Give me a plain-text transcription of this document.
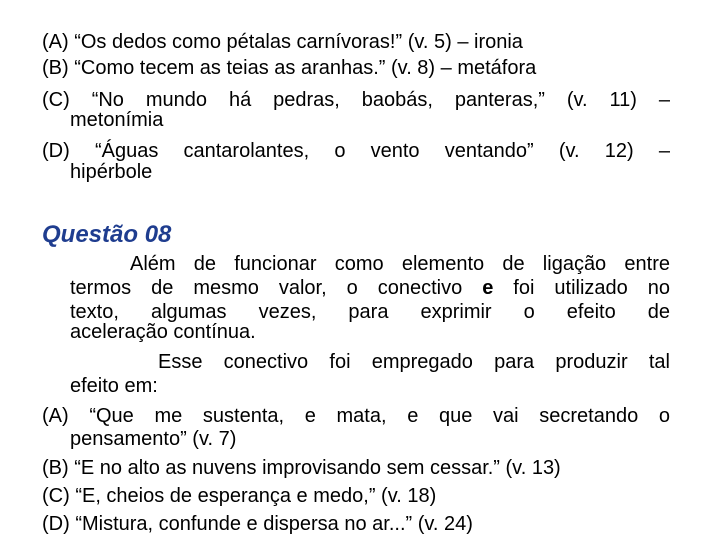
(A) “Os dedos como pétalas carnívoras!” (v. 5) – ironia
(B) “Como tecem as teias as aranhas.” (v. 8) – metáfora
(C) “No mundo há pedras, baobás, panteras,” (v. 11) –
metonímia
(D) “Águas cantarolantes, o vento ventando” (v. 12) –
hipérbole
Questão 08
Além de funcionar como elemento de ligação entre
termos de mesmo valor, o conectivo e foi utilizado no
texto, algumas vezes, para exprimir o efeito de
aceleração contínua.
Esse conectivo foi empregado para produzir tal
efeito em:
(A) “Que me sustenta, e mata, e que vai secretando o
pensamento” (v. 7)
(B) “E no alto as nuvens improvisando sem cessar.” (v. 13)
(C) “E, cheios de esperança e medo,” (v. 18)
(D) “Mistura, confunde e dispersa no ar...” (v. 24)
